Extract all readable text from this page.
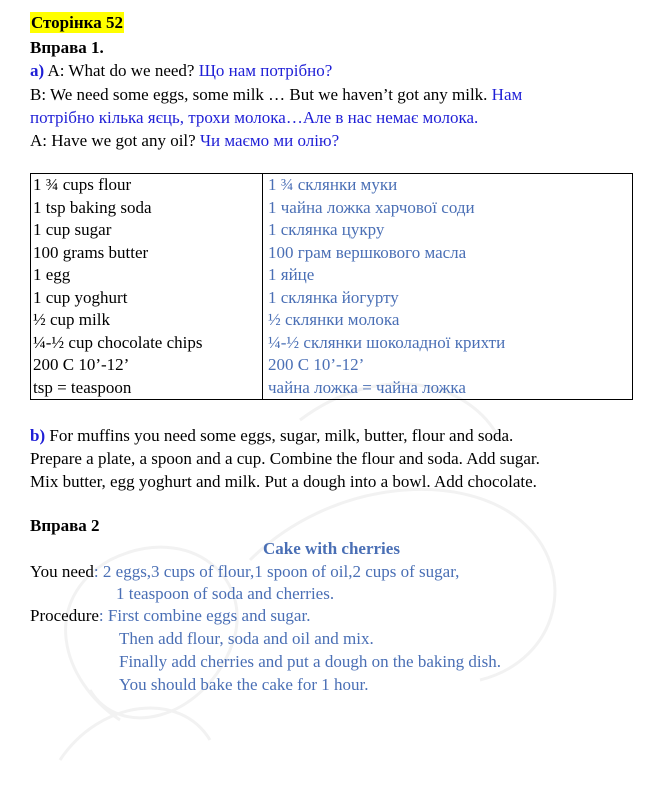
Сторінка 52
Вправа 1.
a) A: What do we need? Що нам потрібно?
B: We need some eggs, some milk … But we haven’t got any milk. Нам
потрібно кілька яєць, трохи молока…Але в нас немає молока.
A: Have we got any oil? Чи маємо ми олію?
1 ¾ cups flour	1 ¾ склянки муки
1 tsp baking soda	1 чайна ложка харчової соди
1 cup sugar	1 склянка цукру
100 grams butter	100 грам вершкового масла
1 egg	1 яйце
1 cup yoghurt	1 склянка йогурту
½ cup milk	½ склянки молока
¼-½ cup chocolate chips	¼-½ склянки шоколадної крихти
200 C 10’-12’	200 C 10’-12’
tsp = teaspoon	чайна ложка = чайна ложка
b) For muffins you need some eggs, sugar, milk, butter, flour and soda.
Prepare a plate, a spoon and a cup. Combine the flour and soda. Add sugar.
Mix butter, egg yoghurt and milk. Put a dough into a bowl. Add chocolate.
Вправа 2
Cake with cherries
You need: 2 eggs,3 cups of flour,1 spoon of oil,2 cups of sugar,
1 teaspoon of soda and cherries.
Procedure: First combine eggs and sugar.
Then add flour, soda and oil and mix.
Finally add cherries and put a dough on the baking dish.
You should bake the cake for 1 hour.
